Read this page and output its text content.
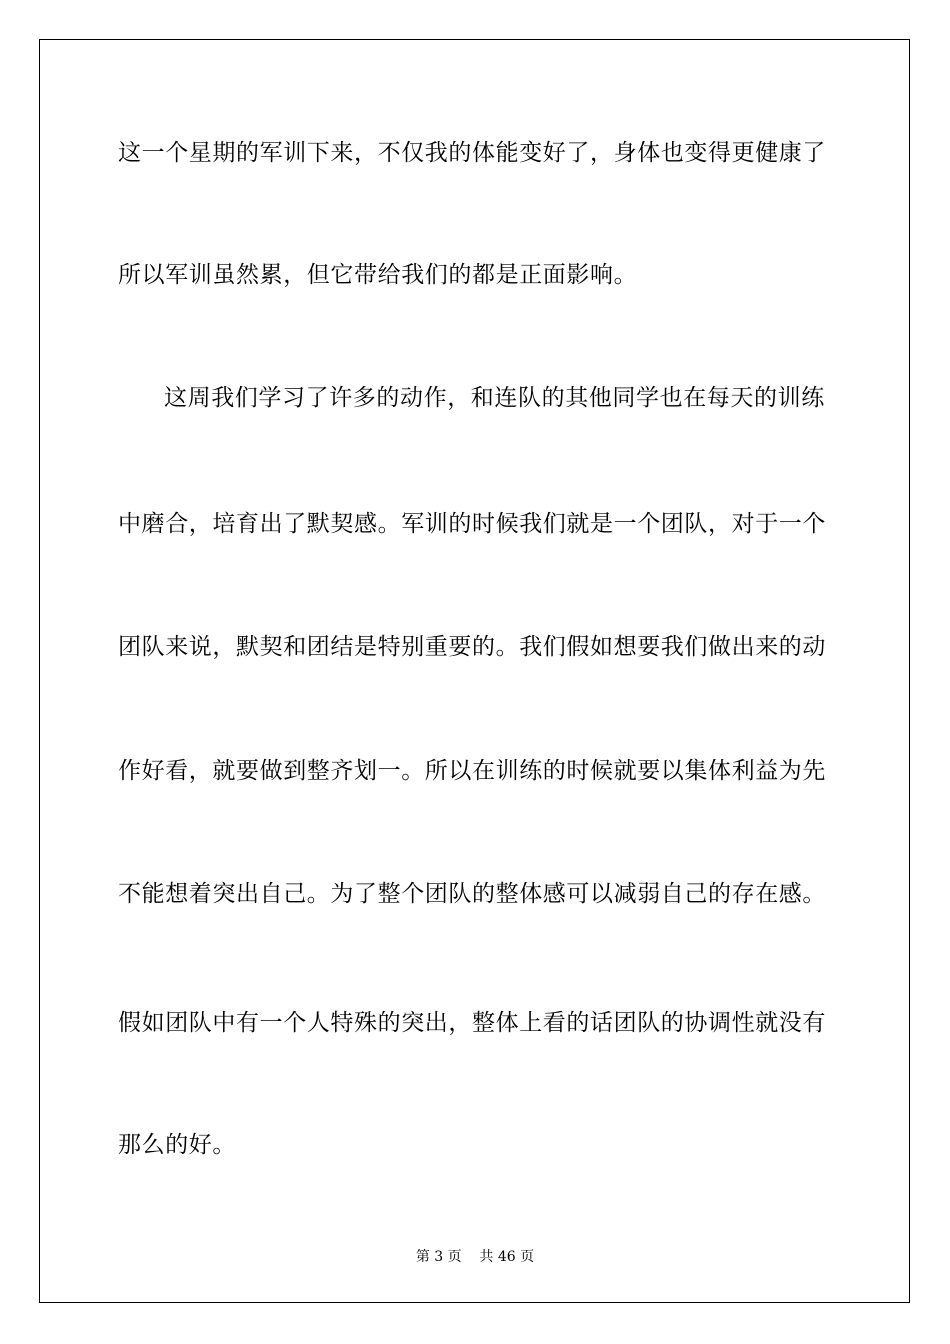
这一个星期的军训下来，不仅我的体能变好了，身体也变得更健康了
所以军训虽然累，但它带给我们的都是正面影响。
这周我们学习了许多的动作，和连队的其他同学也在每天的训练
中磨合，培育出了默契感。军训的时候我们就是一个团队，对于一个
团队来说，默契和团结是特别重要的。我们假如想要我们做出来的动
作好看，就要做到整齐划一。所以在训练的时候就要以集体利益为先
不能想着突出自己。为了整个团队的整体感可以减弱自己的存在感。
假如团队中有一个人特殊的突出，整体上看的话团队的协调性就没有
那么的好。
第 3 页    共 46 页
